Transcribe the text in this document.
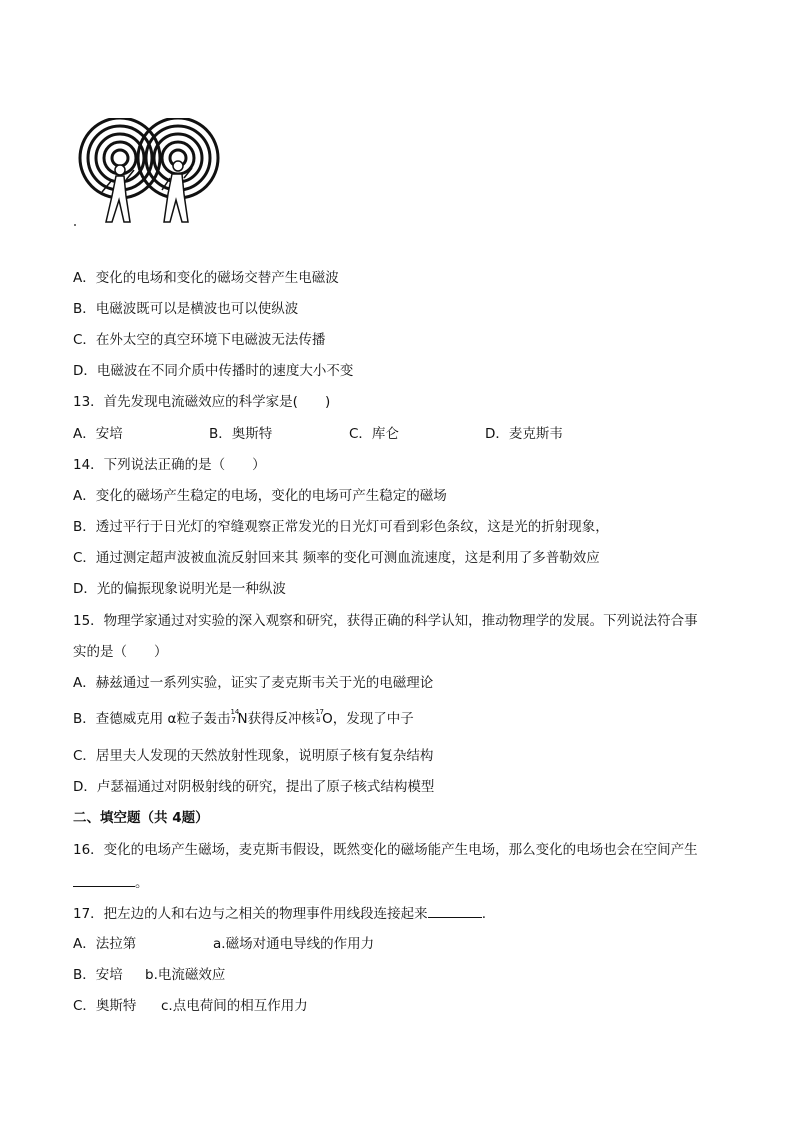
A．变化的电场和变化的磁场交替产生电磁波
B．电磁波既可以是横波也可以使纵波
C．在外太空的真空环境下电磁波无法传播
D．电磁波在不同介质中传播时的速度大小不变
13．首先发现电流磁效应的科学家是(　　)
A．安培	B．奥斯特	C．库仑	D．麦克斯韦
14．下列说法正确的是（　　）
A．变化的磁场产生稳定的电场，变化的电场可产生稳定的磁场
B．透过平行于日光灯的窄缝观察正常发光的日光灯可看到彩色条纹，这是光的折射现象，
C．通过测定超声波被血流反射回来其 频率的变化可测血流速度，这是利用了多普勒效应
D．光的偏振现象说明光是一种纵波
15．物理学家通过对实验的深入观察和研究，获得正确的科学认知，推动物理学的发展。下列说法符合事
实的是（　　）
A．赫兹通过一系列实验，证实了麦克斯韦关于光的电磁理论
B．查德威克用 α粒子轰击 14
7 N获得反冲核 17
8 O，发现了中子
C．居里夫人发现的天然放射性现象，说明原子核有复杂结构
D．卢瑟福通过对阴极射线的研究，提出了原子核式结构模型
二、填空题（共 4题）
16．变化的电场产生磁场，麦克斯韦假设，既然变化的磁场能产生电场，那么变化的电场也会在空间产生
。
17．把左边的人和右边与之相关的物理事件用线段连接起来	.
A．法拉第	a.磁场对通电导线的作用力
B．安培 b.电流磁效应
C．奥斯特 c.点电荷间的相互作用力
